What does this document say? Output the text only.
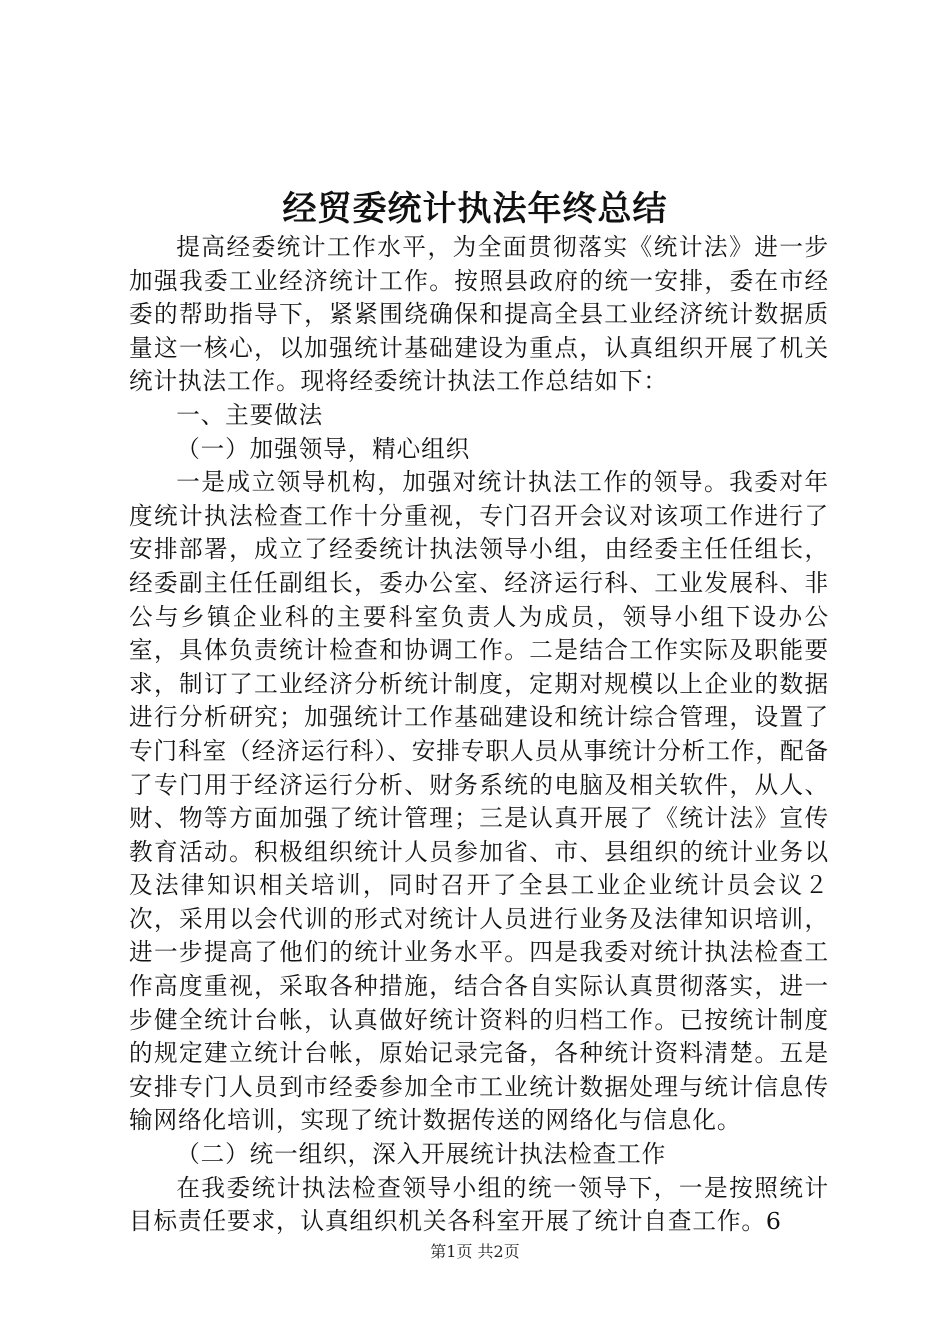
经贸委统计执法年终总结

提高经委统计工作水平，为全面贯彻落实《统计法》进一步加强我委工业经济统计工作。按照县政府的统一安排，委在市经委的帮助指导下，紧紧围绕确保和提高全县工业经济统计数据质量这一核心，以加强统计基础建设为重点，认真组织开展了机关统计执法工作。现将经委统计执法工作总结如下：

一、主要做法

（一）加强领导，精心组织

一是成立领导机构，加强对统计执法工作的领导。我委对年度统计执法检查工作十分重视，专门召开会议对该项工作进行了安排部署，成立了经委统计执法领导小组，由经委主任任组长，经委副主任任副组长，委办公室、经济运行科、工业发展科、非公与乡镇企业科的主要科室负责人为成员，领导小组下设办公室，具体负责统计检查和协调工作。二是结合工作实际及职能要求，制订了工业经济分析统计制度，定期对规模以上企业的数据进行分析研究；加强统计工作基础建设和统计综合管理，设置了专门科室（经济运行科）、安排专职人员从事统计分析工作，配备了专门用于经济运行分析、财务系统的电脑及相关软件，从人、财、物等方面加强了统计管理；三是认真开展了《统计法》宣传教育活动。积极组织统计人员参加省、市、县组织的统计业务以及法律知识相关培训，同时召开了全县工业企业统计员会议２次，采用以会代训的形式对统计人员进行业务及法律知识培训，进一步提高了他们的统计业务水平。四是我委对统计执法检查工作高度重视，采取各种措施，结合各自实际认真贯彻落实，进一步健全统计台帐，认真做好统计资料的归档工作。已按统计制度的规定建立统计台帐，原始记录完备，各种统计资料清楚。五是安排专门人员到市经委参加全市工业统计数据处理与统计信息传输网络化培训，实现了统计数据传送的网络化与信息化。

（二）统一组织，深入开展统计执法检查工作

在我委统计执法检查领导小组的统一领导下，一是按照统计目标责任要求，认真组织机关各科室开展了统计自查工作。6

第1页 共2页
